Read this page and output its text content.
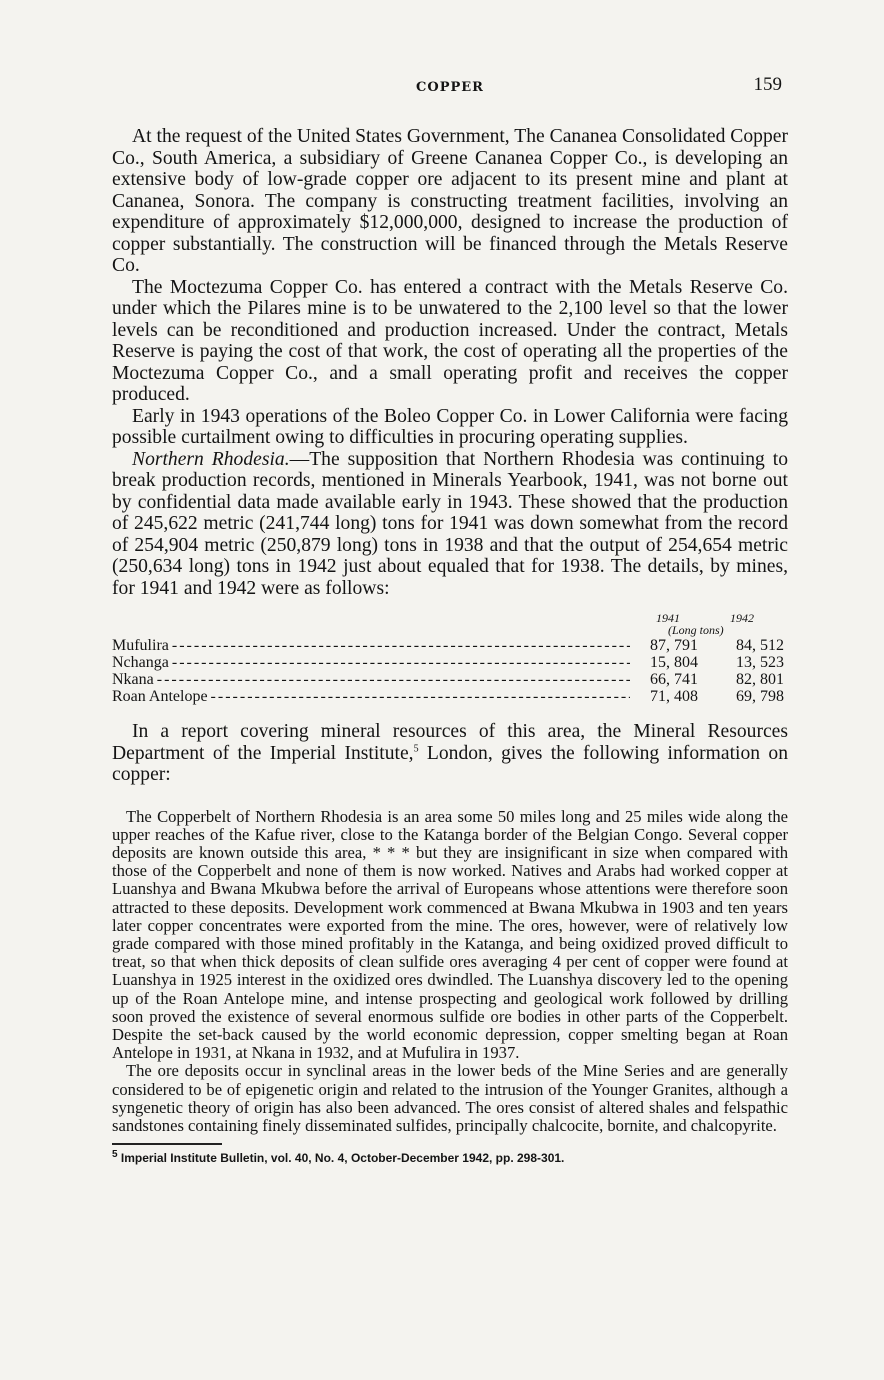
COPPER	159

At the request of the United States Government, The Cananea Consolidated Copper Co., South America, a subsidiary of Greene Cananea Copper Co., is developing an extensive body of low-grade copper ore adjacent to its present mine and plant at Cananea, Sonora. The company is constructing treatment facilities, involving an expenditure of approximately $12,000,000, designed to increase the production of copper substantially. The construction will be financed through the Metals Reserve Co.

The Moctezuma Copper Co. has entered a contract with the Metals Reserve Co. under which the Pilares mine is to be unwatered to the 2,100 level so that the lower levels can be reconditioned and production increased. Under the contract, Metals Reserve is paying the cost of that work, the cost of operating all the properties of the Moctezuma Copper Co., and a small operating profit and receives the copper produced.

Early in 1943 operations of the Boleo Copper Co. in Lower California were facing possible curtailment owing to difficulties in procuring operating supplies.

Northern Rhodesia.—The supposition that Northern Rhodesia was continuing to break production records, mentioned in Minerals Yearbook, 1941, was not borne out by confidential data made available early in 1943. These showed that the production of 245,622 metric (241,744 long) tons for 1941 was down somewhat from the record of 254,904 metric (250,879 long) tons in 1938 and that the output of 254,654 metric (250,634 long) tons in 1942 just about equaled that for 1938. The details, by mines, for 1941 and 1942 were as follows:

1941	1942
(Long tons)
Mufulira - - -	87, 791	84, 512
Nchanga - - -	15, 804	13, 523
Nkana - - -	66, 741	82, 801
Roan Antelope - - -	71, 408	69, 798

In a report covering mineral resources of this area, the Mineral Resources Department of the Imperial Institute,$^5$ London, gives the following information on copper:

The Copperbelt of Northern Rhodesia is an area some 50 miles long and 25 miles wide along the upper reaches of the Kafue river, close to the Katanga border of the Belgian Congo. Several copper deposits are known outside this area, * * * but they are insignificant in size when compared with those of the Copperbelt and none of them is now worked. Natives and Arabs had worked copper at Luanshya and Bwana Mkubwa before the arrival of Europeans whose attentions were therefore soon attracted to these deposits. Development work commenced at Bwana Mkubwa in 1903 and ten years later copper concentrates were exported from the mine. The ores, however, were of relatively low grade compared with those mined profitably in the Katanga, and being oxidized proved difficult to treat, so that when thick deposits of clean sulfide ores averaging 4 per cent of copper were found at Luanshya in 1925 interest in the oxidized ores dwindled. The Luanshya discovery led to the opening up of the Roan Antelope mine, and intense prospecting and geological work followed by drilling soon proved the existence of several enormous sulfide ore bodies in other parts of the Copperbelt. Despite the set-back caused by the world economic depression, copper smelting began at Roan Antelope in 1931, at Nkana in 1932, and at Mufulira in 1937.

The ore deposits occur in synclinal areas in the lower beds of the Mine Series and are generally considered to be of epigenetic origin and related to the intrusion of the Younger Granites, although a syngenetic theory of origin has also been advanced. The ores consist of altered shales and felspathic sandstones containing finely disseminated sulfides, principally chalcocite, bornite, and chalcopyrite.

$^5$ Imperial Institute Bulletin, vol. 40, No. 4, October-December 1942, pp. 298-301.
